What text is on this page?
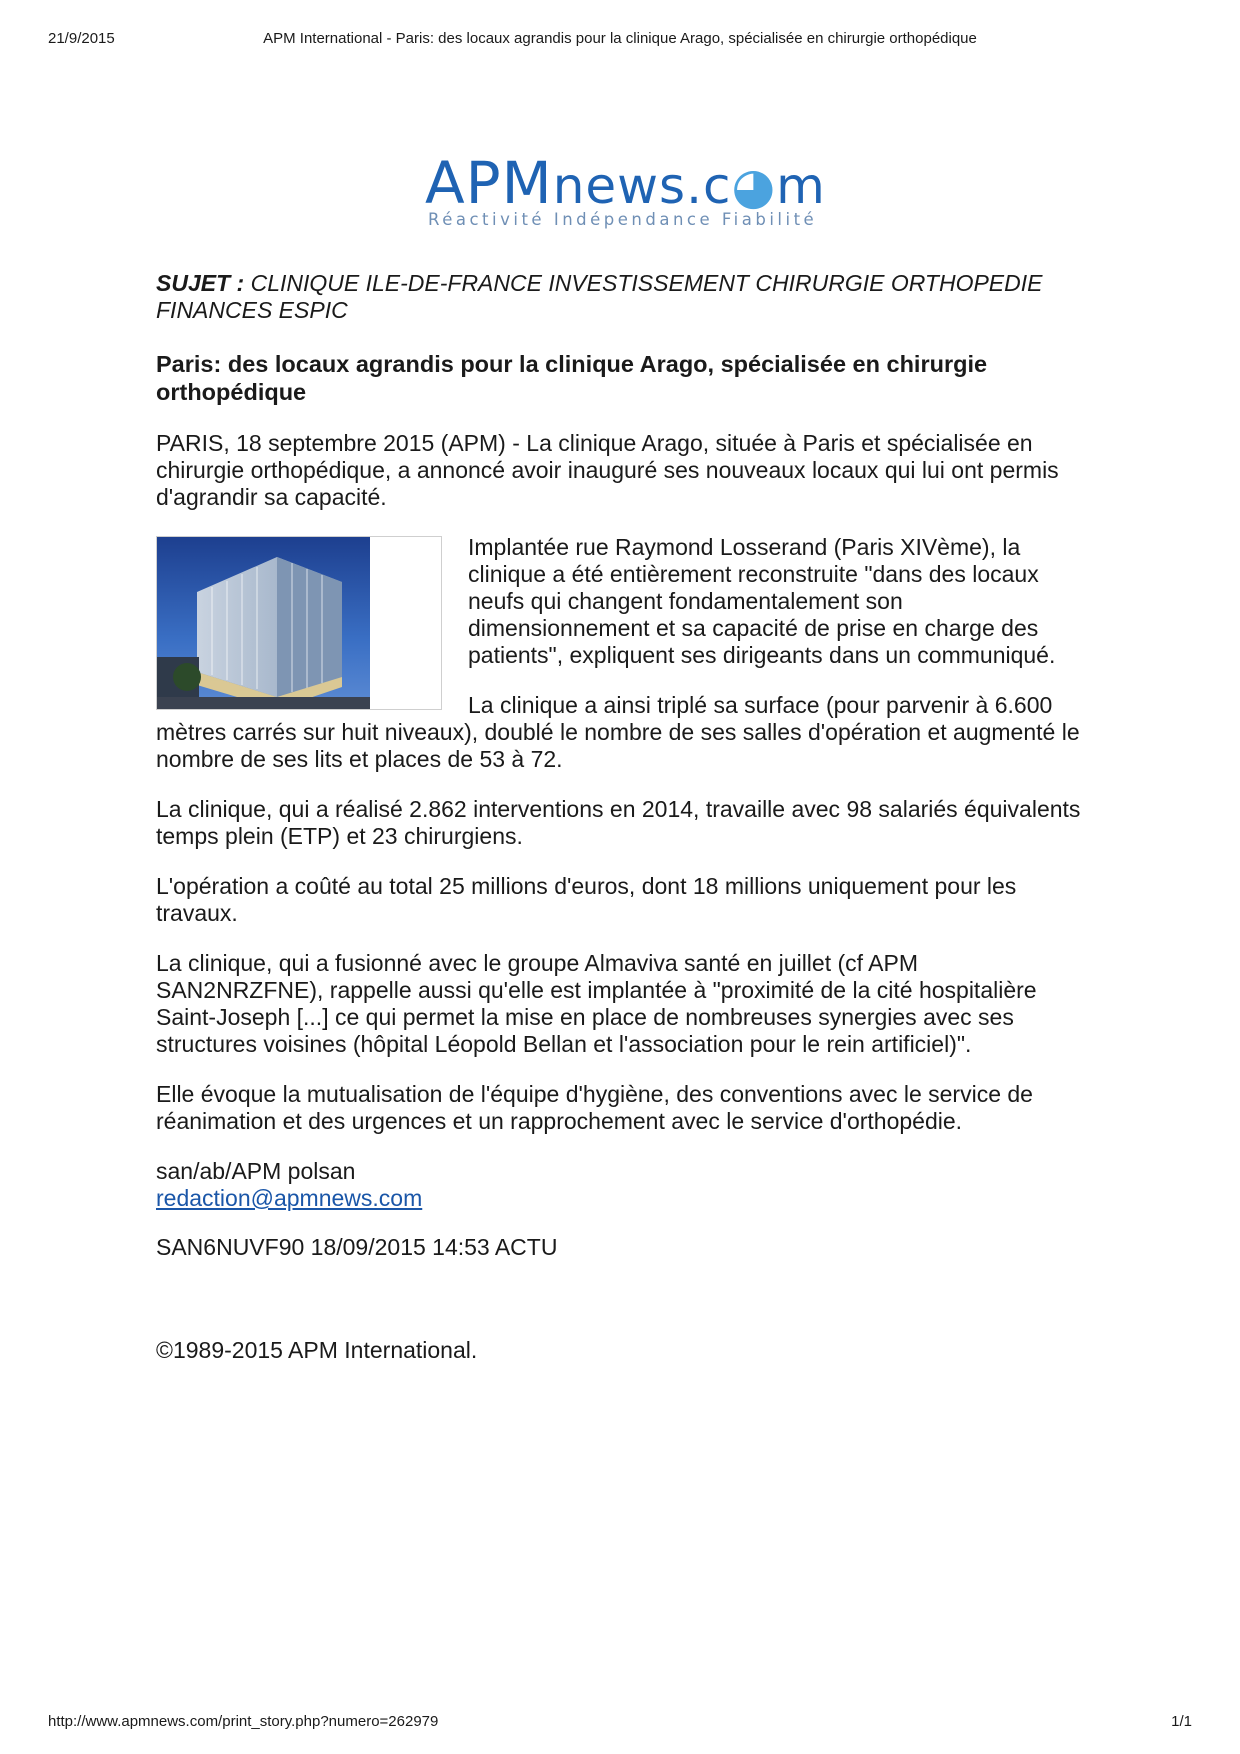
21/9/2015	APM International - Paris: des locaux agrandis pour la clinique Arago, spécialisée en chirurgie orthopédique
APMnews.c◕m
Réactivité Indépendance Fiabilité
SUJET : CLINIQUE ILE-DE-FRANCE INVESTISSEMENT CHIRURGIE ORTHOPEDIE FINANCES ESPIC
Paris: des locaux agrandis pour la clinique Arago, spécialisée en chirurgie orthopédique

PARIS, 18 septembre 2015 (APM) - La clinique Arago, située à Paris et spécialisée en chirurgie orthopédique, a annoncé avoir inauguré ses nouveaux locaux qui lui ont permis d'agrandir sa capacité.

Implantée rue Raymond Losserand (Paris XIVème), la clinique a été entièrement reconstruite "dans des locaux neufs qui changent fondamentalement son dimensionnement et sa capacité de prise en charge des patients", expliquent ses dirigeants dans un communiqué.

La clinique a ainsi triplé sa surface (pour parvenir à 6.600 mètres carrés sur huit niveaux), doublé le nombre de ses salles d'opération et augmenté le nombre de ses lits et places de 53 à 72.

La clinique, qui a réalisé 2.862 interventions en 2014, travaille avec 98 salariés équivalents temps plein (ETP) et 23 chirurgiens.

L'opération a coûté au total 25 millions d'euros, dont 18 millions uniquement pour les travaux.

La clinique, qui a fusionné avec le groupe Almaviva santé en juillet (cf APM SAN2NRZFNE), rappelle aussi qu'elle est implantée à "proximité de la cité hospitalière Saint-Joseph [...] ce qui permet la mise en place de nombreuses synergies avec ses structures voisines (hôpital Léopold Bellan et l'association pour le rein artificiel)".

Elle évoque la mutualisation de l'équipe d'hygiène, des conventions avec le service de réanimation et des urgences et un rapprochement avec le service d'orthopédie.

san/ab/APM polsan
redaction@apmnews.com
SAN6NUVF90 18/09/2015 14:53 ACTU
©1989-2015 APM International.
http://www.apmnews.com/print_story.php?numero=262979	1/1
